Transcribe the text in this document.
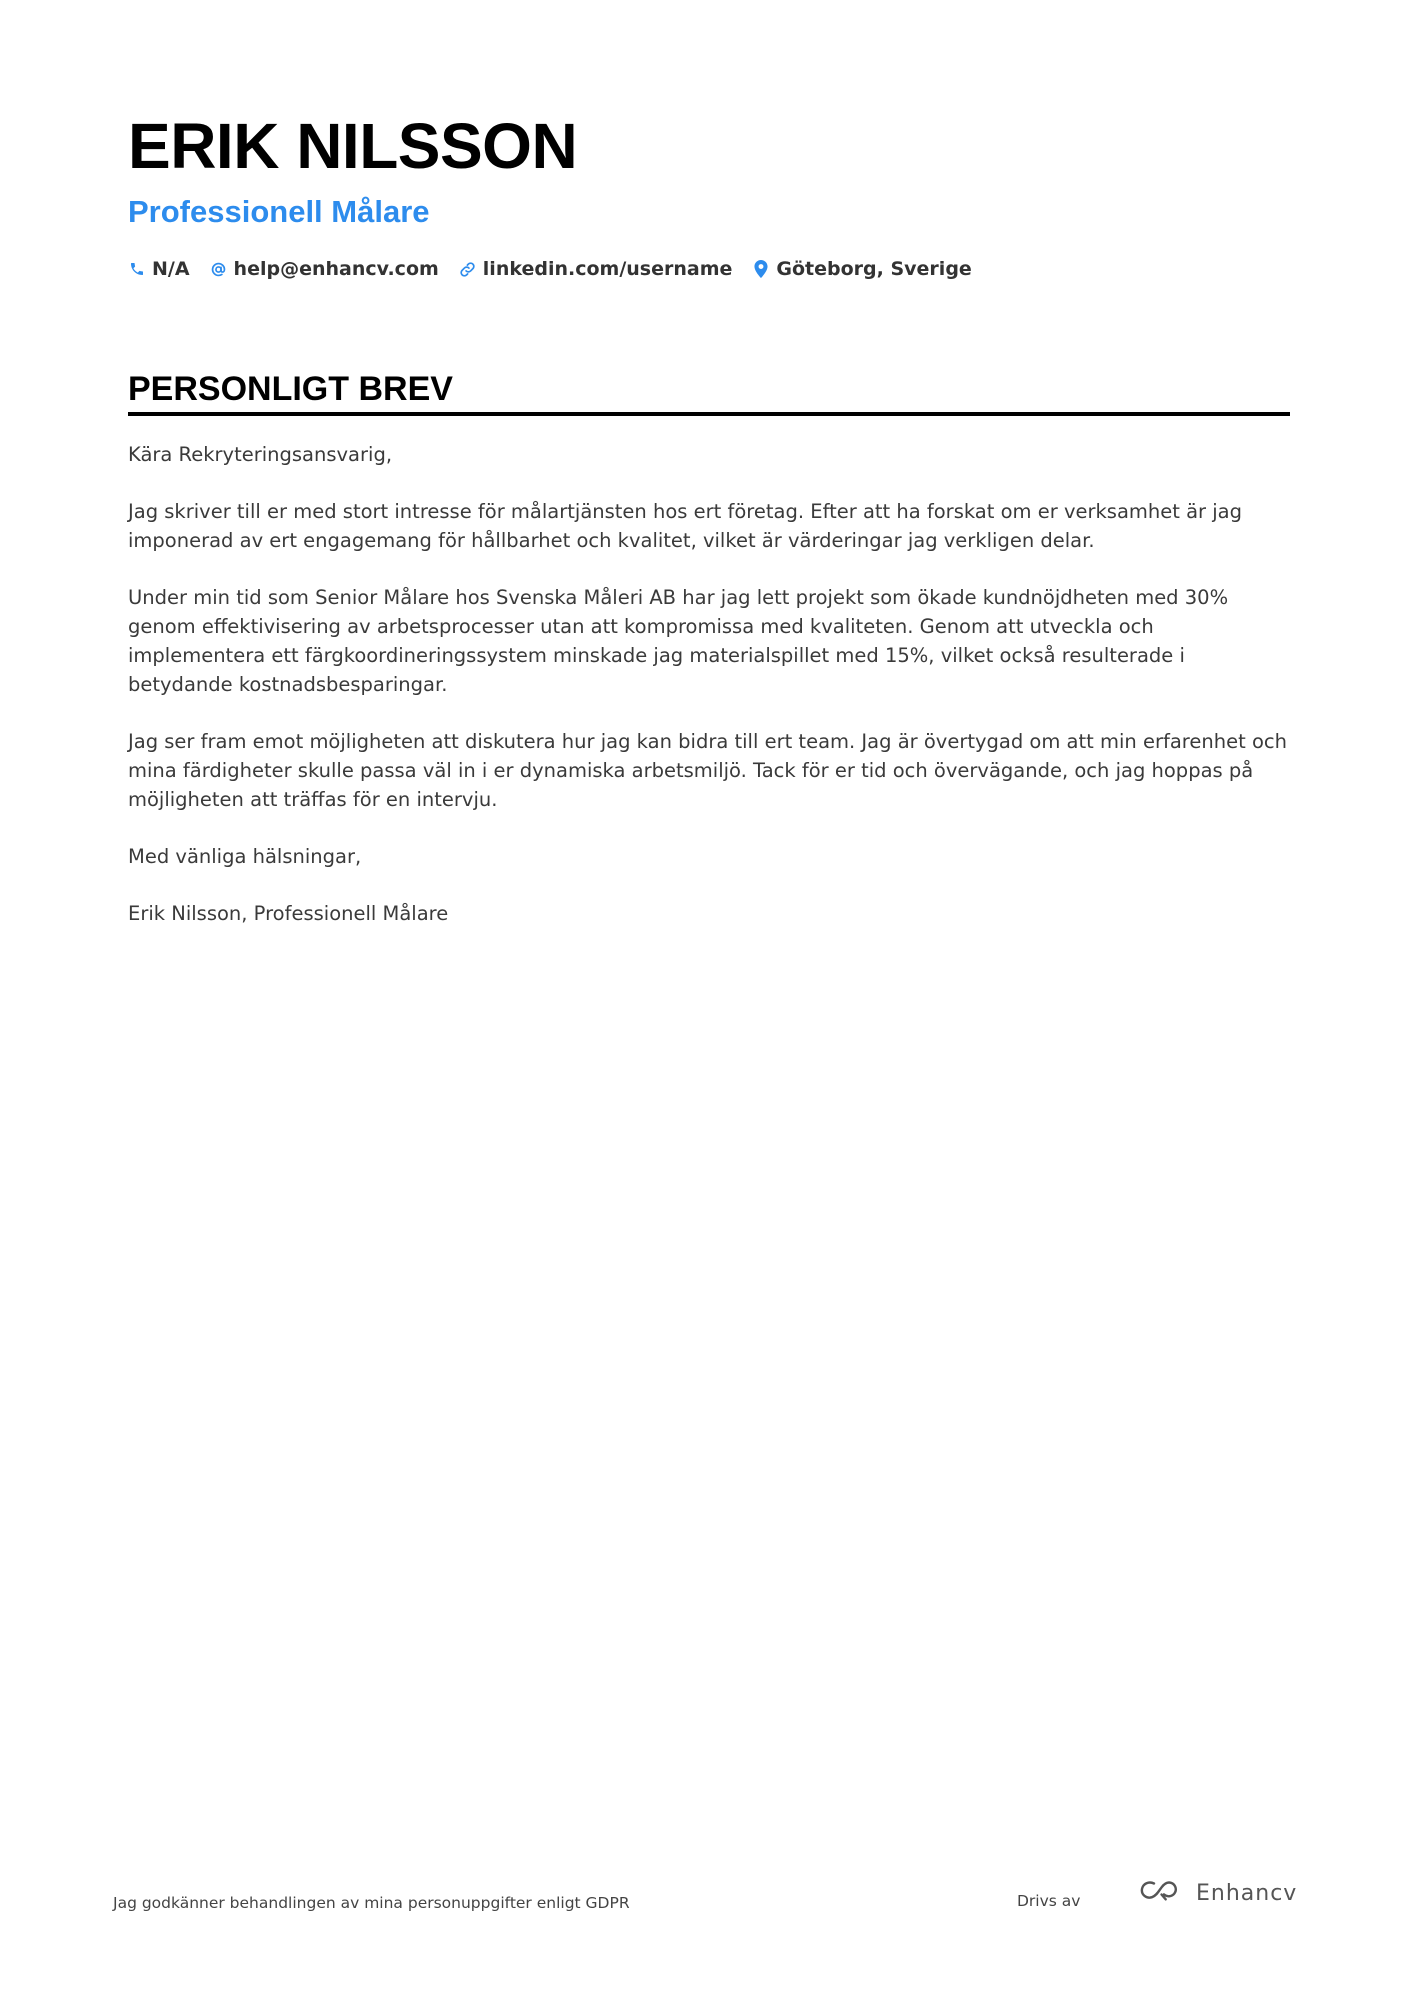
ERIK NILSSON
Professionell Målare
N/A help@enhancv.com linkedin.com/username Göteborg, Sverige
PERSONLIGT BREV

Kära Rekryteringsansvarig,

Jag skriver till er med stort intresse för målartjänsten hos ert företag. Efter att ha forskat om er verksamhet är jag imponerad av ert engagemang för hållbarhet och kvalitet, vilket är värderingar jag verkligen delar.

Under min tid som Senior Målare hos Svenska Måleri AB har jag lett projekt som ökade kundnöjdheten med 30% genom effektivisering av arbetsprocesser utan att kompromissa med kvaliteten. Genom att utveckla och implementera ett färgkoordineringssystem minskade jag materialspillet med 15%, vilket också resulterade i betydande kostnadsbesparingar.

Jag ser fram emot möjligheten att diskutera hur jag kan bidra till ert team. Jag är övertygad om att min erfarenhet och mina färdigheter skulle passa väl in i er dynamiska arbetsmiljö. Tack för er tid och övervägande, och jag hoppas på möjligheten att träffas för en intervju.

Med vänliga hälsningar,

Erik Nilsson, Professionell Målare

Jag godkänner behandlingen av mina personuppgifter enligt GDPR	Drivs av	Enhancv
